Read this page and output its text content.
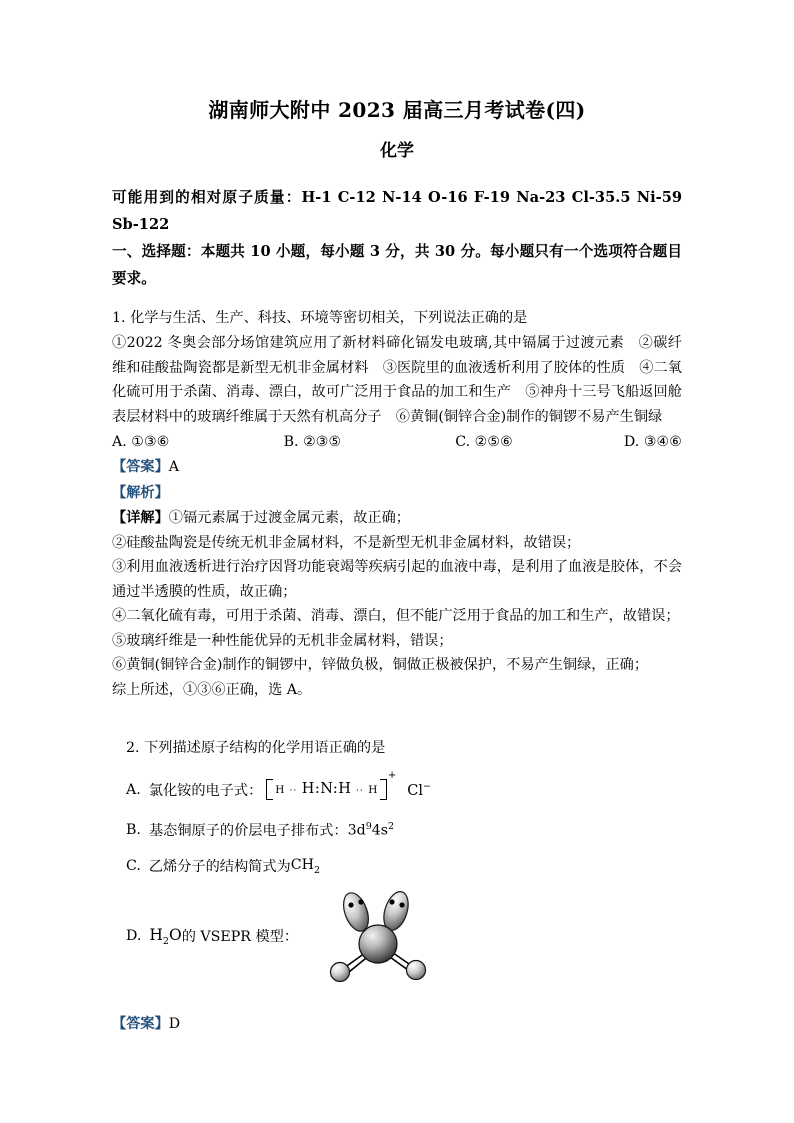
湖南师大附中 2023 届高三月考试卷(四)
化学

可能用到的相对原子质量：H-1 C-12 N-14 O-16 F-19 Na-23 Cl-35.5 Ni-59 Sb-122

一、选择题：本题共 10 小题，每小题 3 分，共 30 分。每小题只有一个选项符合题目要求。

1. 化学与生活、生产、科技、环境等密切相关，下列说法正确的是

①2022 冬奥会部分场馆建筑应用了新材料碲化镉发电玻璃,其中镉属于过渡元素　②碳纤维和硅酸盐陶瓷都是新型无机非金属材料　③医院里的血液透析利用了胶体的性质　④二氧化硫可用于杀菌、消毒、漂白，故可广泛用于食品的加工和生产　⑤神舟十三号飞船返回舱表层材料中的玻璃纤维属于天然有机高分子　⑥黄铜(铜锌合金)制作的铜锣不易产生铜绿

A. ①③⑥	B. ②③⑤	C. ②⑤⑥	D. ③④⑥

【答案】A

【解析】

【详解】①镉元素属于过渡金属元素，故正确；

②硅酸盐陶瓷是传统无机非金属材料，不是新型无机非金属材料，故错误；

③利用血液透析进行治疗因肾功能衰竭等疾病引起的血液中毒，是利用了血液是胶体，不会通过半透膜的性质，故正确；

④二氧化硫有毒，可用于杀菌、消毒、漂白，但不能广泛用于食品的加工和生产，故错误；

⑤玻璃纤维是一种性能优异的无机非金属材料，错误；

⑥黄铜(铜锌合金)制作的铜锣中，锌做负极，铜做正极被保护，不易产生铜绿，正确；

综上所述，①③⑥正确，选 A。

2. 下列描述原子结构的化学用语正确的是

A. 氯化铵的电子式：	H ·· H:N:H ·· H
+
Cl−
B. 基态铜原子的价层电子排布式： $3d^94s^2$
C. 乙烯分子的结构简式为 $CH_2$
D. $H_2O$ 的 VSEPR 模型：

【答案】D
